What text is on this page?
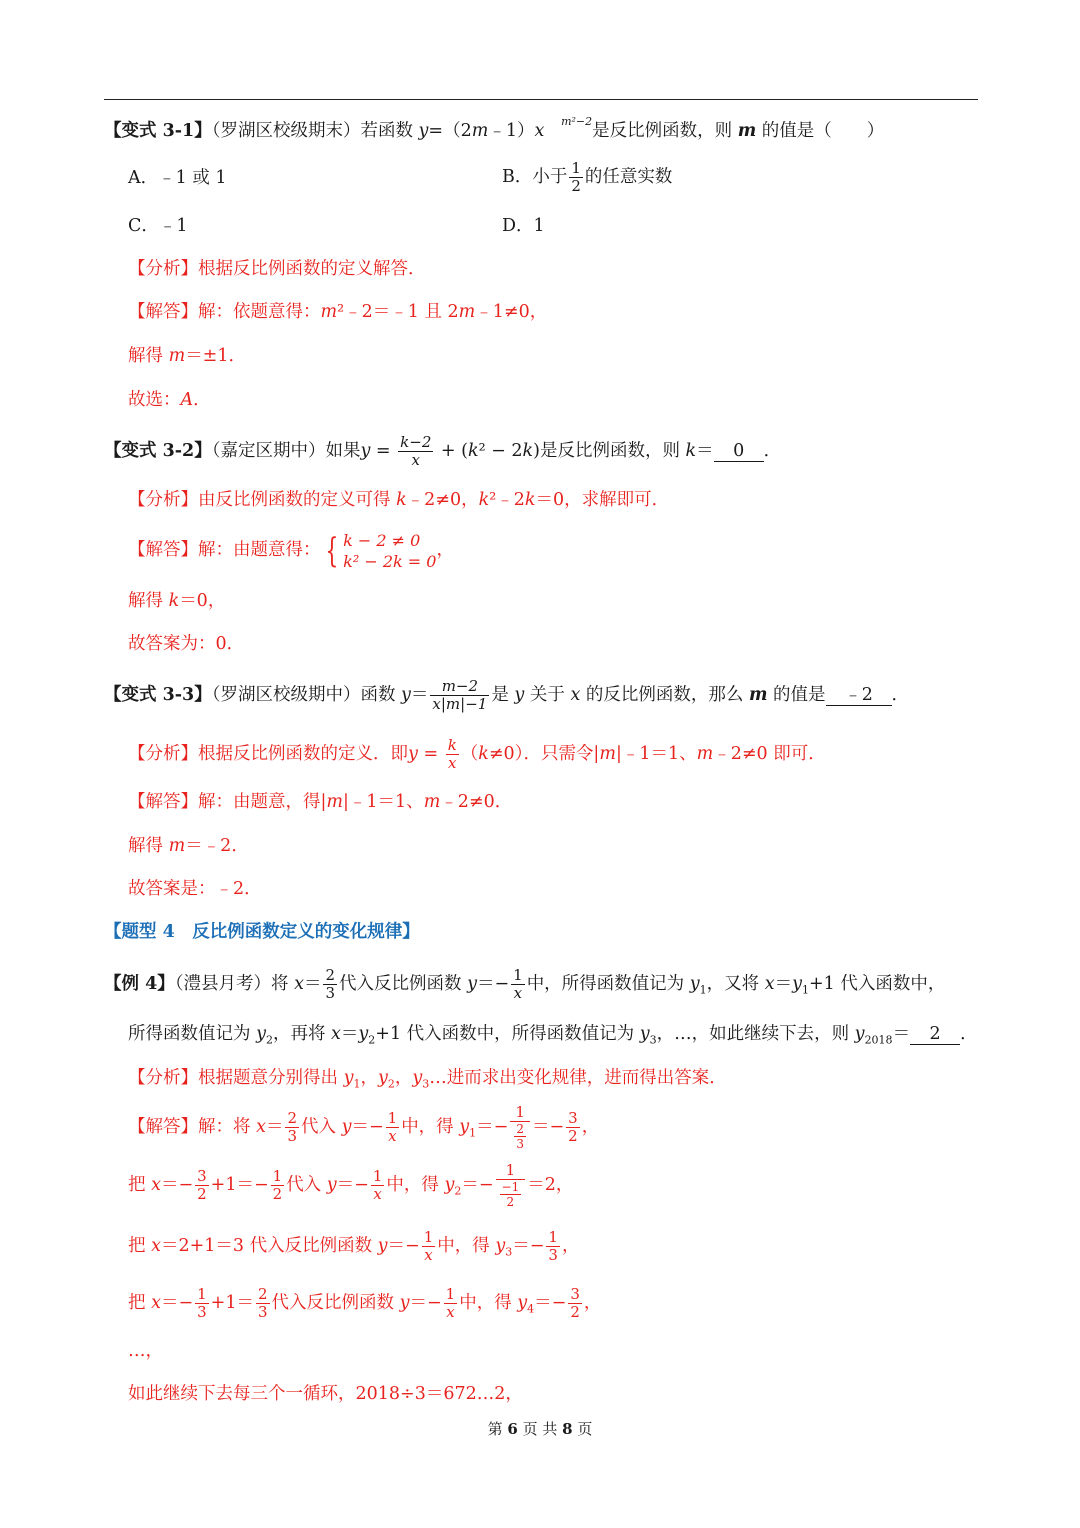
【变式 3-1】（罗湖区校级期末）若函数 y=（2m﹣1）x $^{m^2-2}$是反比例函数，则 m 的值是（　　）
A．﹣1 或 1	B．小于 $\frac{1}{2}$ 的任意实数
C．﹣1	D．1
【分析】根据反比例函数的定义解答．
【解答】解：依题意得：m²﹣2＝﹣1 且 2m﹣1≠0，
解得 m＝±1．
故选：A．
【变式 3-2】（嘉定区期中）如果$y = \frac{k-2}{x} + (k^2 - 2k)$是反比例函数，则 k＝ 0 ．
【分析】由反比例函数的定义可得 k﹣2≠0，k²﹣2k＝0，求解即可．
【解答】解：由题意得： { k − 2 ≠ 0
k² − 2k = 0
，
解得 k＝0，
故答案为：0．
【变式 3-3】（罗湖区校级期中）函数 $y= \frac{m-2}{x|m|-1}$ 是 y 关于 x 的反比例函数，那么 m 的值是 ﹣2 ．
【分析】根据反比例函数的定义．即$y = \frac{k}{x} (k\ne 0)$．只需令|m|﹣1＝1、m﹣2≠0 即可．
【解答】解：由题意，得|m|﹣1＝1、m﹣2≠0．
解得 m＝﹣2．
故答案是：﹣2．
【题型 4　反比例函数定义的变化规律】
【例 4】（澧县月考）将 $x= \frac{2}{3}$ 代入反比例函数 $y=- \frac{1}{x}$ 中，所得函数值记为 $y_1$，又将 $x=y_1+1$ 代入函数中，
所得函数值记为 $y_2$，再将 $x=y_2+1$ 代入函数中，所得函数值记为 $y_3$，…，如此继续下去，则 $y_{2018}= 2$ ．
【分析】根据题意分别得出 $y_1$，$y_2$，$y_3\dots$进而求出变化规律，进而得出答案．
【解答】解：将 $x= \frac{2}{3}$ 代入 $y=- \frac{1}{x}$ 中，得 $y_1=- \frac{1}{\frac{2}{3}} =- \frac{3}{2}$ ，
把 $x=- \frac{3}{2} +1=- \frac{1}{2}$ 代入 $y=- \frac{1}{x}$ 中，得 $y_2=- \frac{1}{\frac{-1}{2}} =2$，
把 x＝2+1＝3 代入反比例函数 $y=- \frac{1}{x}$ 中，得 $y_3=- \frac{1}{3}$ ，
把 $x=- \frac{1}{3} +1= \frac{2}{3}$ 代入反比例函数 $y=- \frac{1}{x}$ 中，得 $y_4=- \frac{3}{2}$ ，
…，
如此继续下去每三个一循环，2018÷3＝672…2，
第 6 页 共 8 页
